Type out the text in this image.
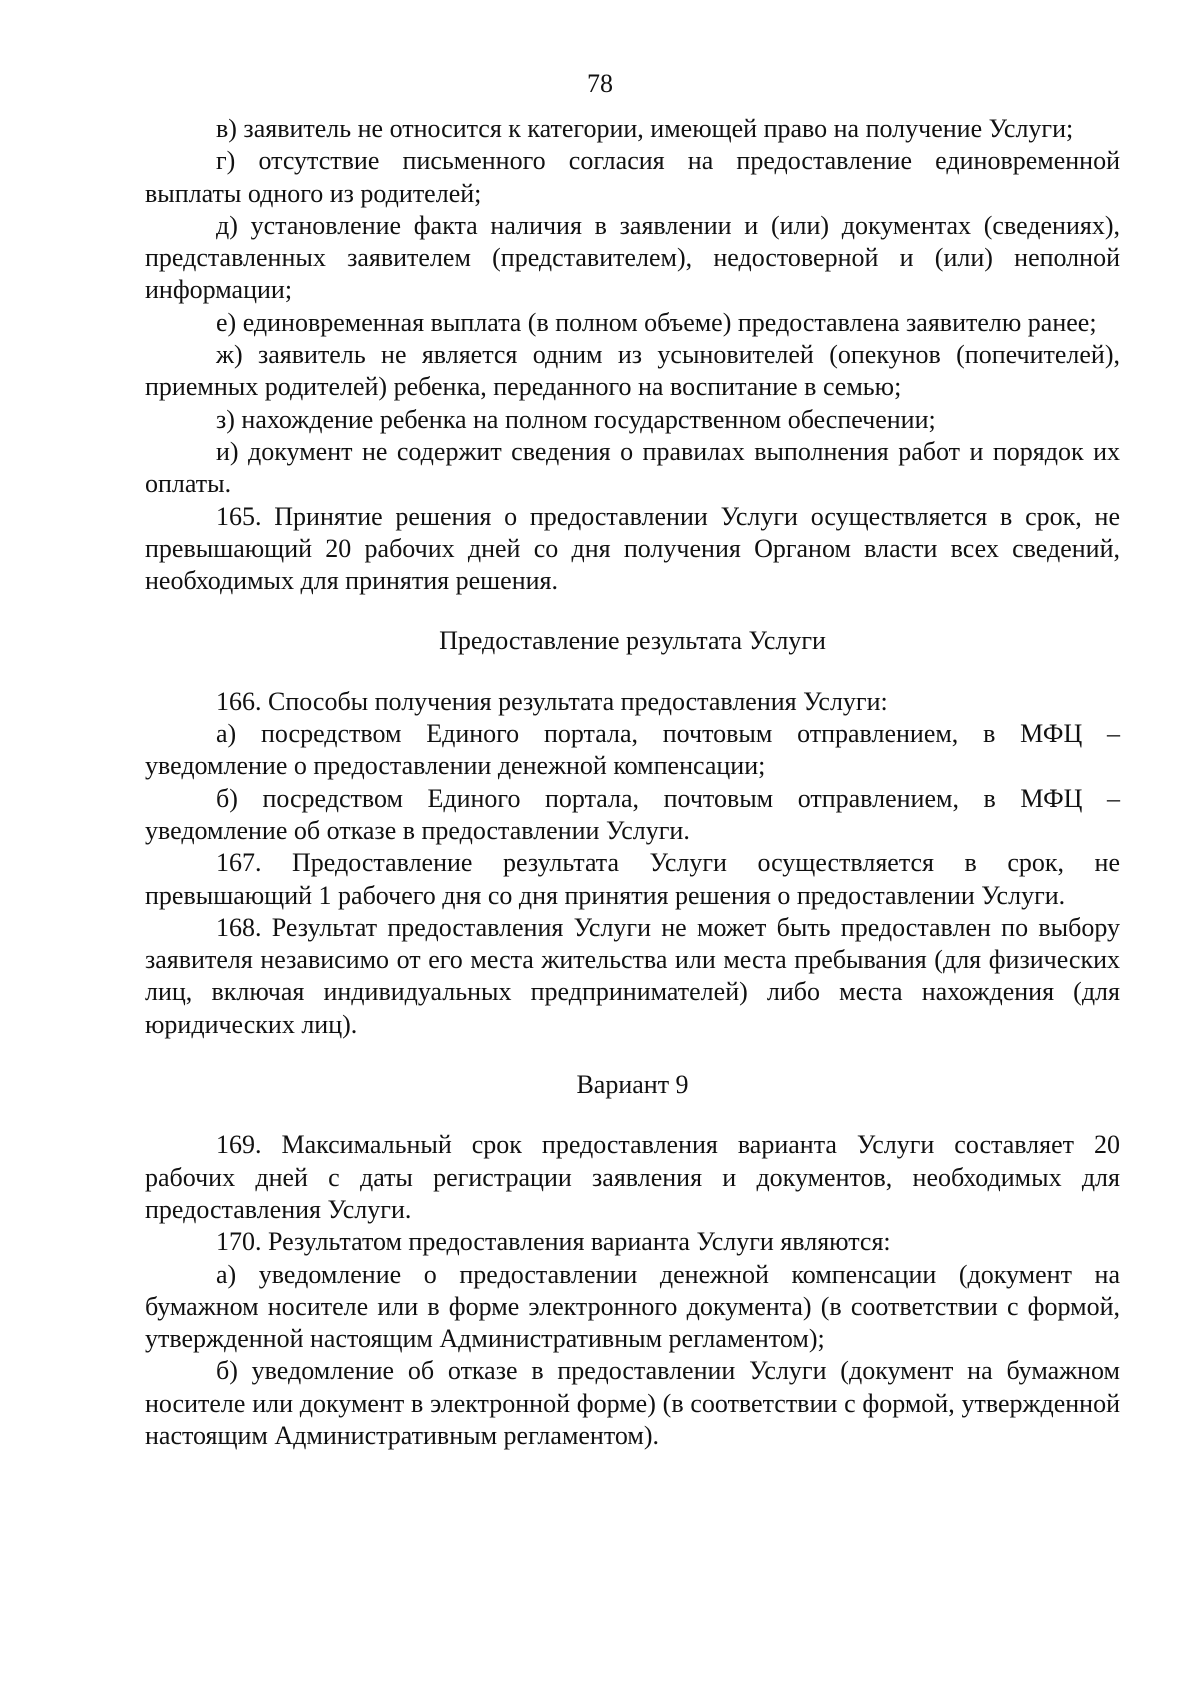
78

в) заявитель не относится к категории, имеющей право на получение Услуги;

г) отсутствие письменного согласия на предоставление единовременной выплаты одного из родителей;

д) установление факта наличия в заявлении и (или) документах (сведениях), представленных заявителем (представителем), недостоверной и (или) неполной информации;

е) единовременная выплата (в полном объеме) предоставлена заявителю ранее;

ж) заявитель не является одним из усыновителей (опекунов (попечителей), приемных родителей) ребенка, переданного на воспитание в семью;

з) нахождение ребенка на полном государственном обеспечении;

и) документ не содержит сведения о правилах выполнения работ и порядок их оплаты.

165. Принятие решения о предоставлении Услуги осуществляется в срок, не превышающий 20 рабочих дней со дня получения Органом власти всех сведений, необходимых для принятия решения.

Предоставление результата Услуги

166. Способы получения результата предоставления Услуги:

а) посредством Единого портала, почтовым отправлением, в МФЦ – уведомление о предоставлении денежной компенсации;

б) посредством Единого портала, почтовым отправлением, в МФЦ – уведомление об отказе в предоставлении Услуги.

167. Предоставление результата Услуги осуществляется в срок, не превышающий 1 рабочего дня со дня принятия решения о предоставлении Услуги.

168. Результат предоставления Услуги не может быть предоставлен по выбору заявителя независимо от его места жительства или места пребывания (для физических лиц, включая индивидуальных предпринимателей) либо места нахождения (для юридических лиц).

Вариант 9

169. Максимальный срок предоставления варианта Услуги составляет 20 рабочих дней с даты регистрации заявления и документов, необходимых для предоставления Услуги.

170. Результатом предоставления варианта Услуги являются:

а) уведомление о предоставлении денежной компенсации (документ на бумажном носителе или в форме электронного документа) (в соответствии с формой, утвержденной настоящим Административным регламентом);

б) уведомление об отказе в предоставлении Услуги (документ на бумажном носителе или документ в электронной форме) (в соответствии с формой, утвержденной настоящим Административным регламентом).
